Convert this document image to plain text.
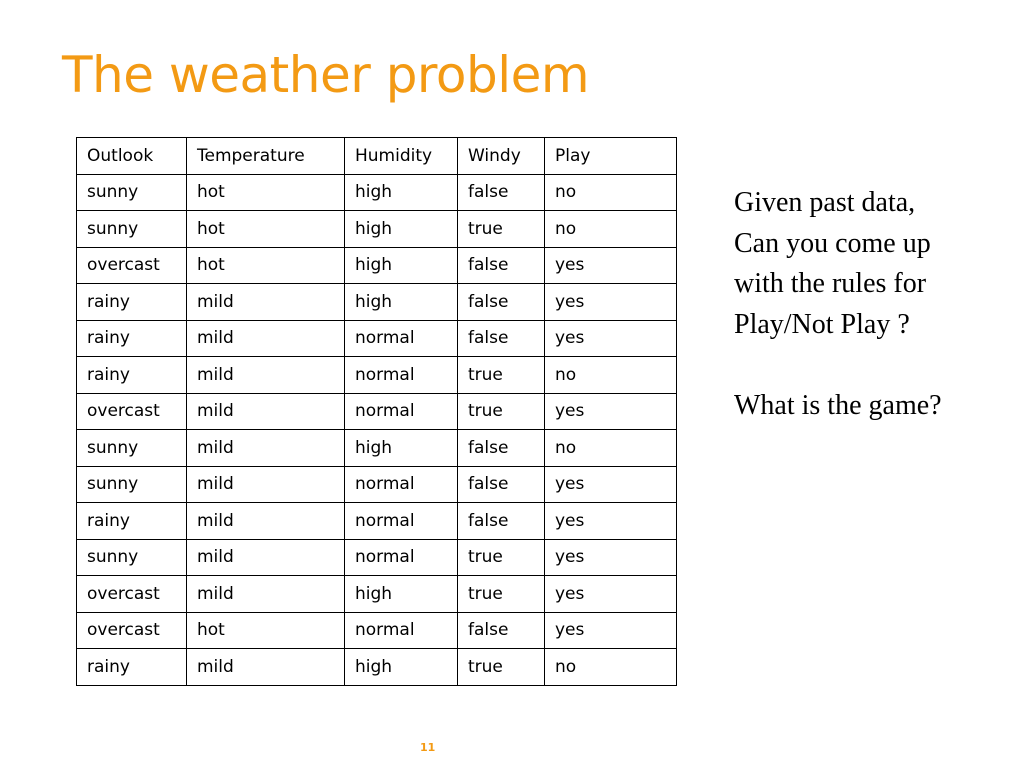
The weather problem
Outlook	Temperature	Humidity	Windy	Play
sunny	hot	high	false	no
sunny	hot	high	true	no
overcast	hot	high	false	yes
rainy	mild	high	false	yes
rainy	mild	normal	false	yes
rainy	mild	normal	true	no
overcast	mild	normal	true	yes
sunny	mild	high	false	no
sunny	mild	normal	false	yes
rainy	mild	normal	false	yes
sunny	mild	normal	true	yes
overcast	mild	high	true	yes
overcast	hot	normal	false	yes
rainy	mild	high	true	no

Given past data,

Can you come up

with the rules for

Play/Not Play ?

What is the game?

11
